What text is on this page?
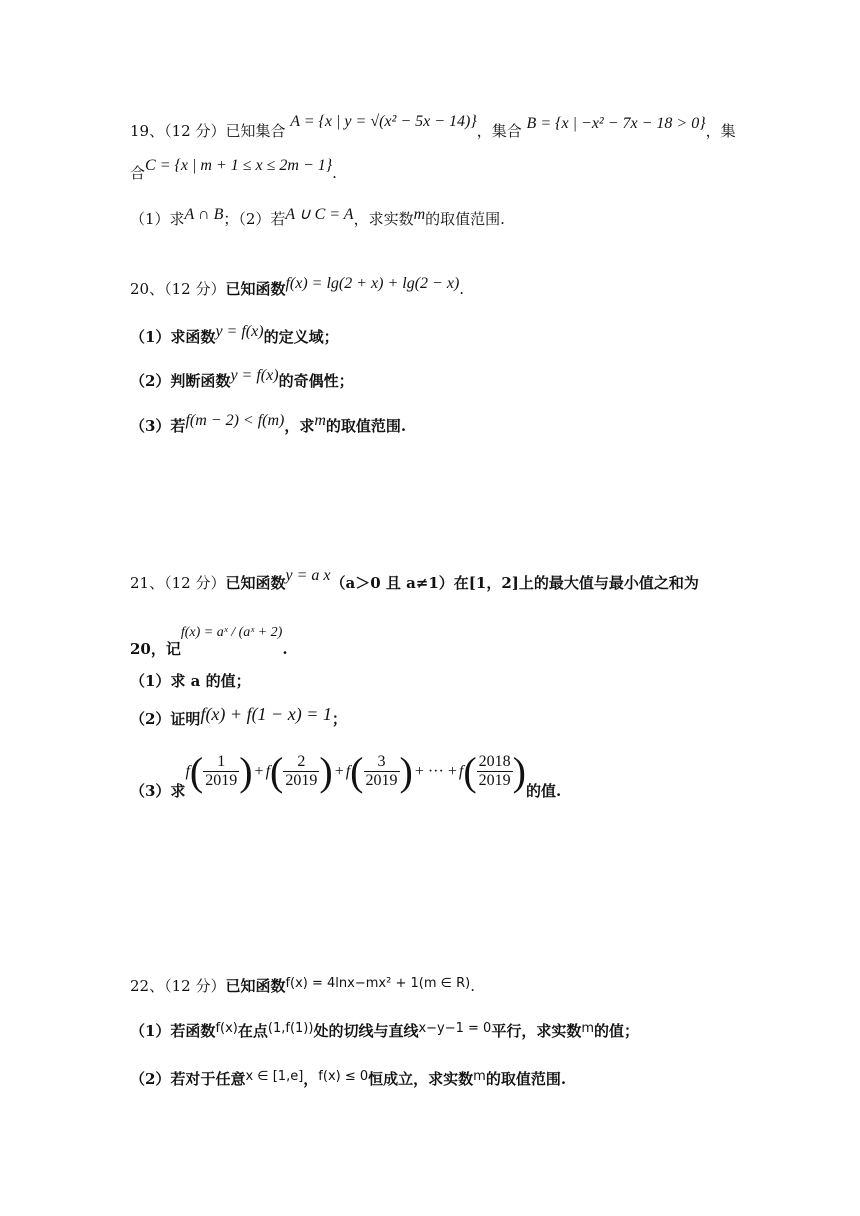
19、（12 分）已知集合 A = {x | y = √(x² − 5x − 14)}，集合 B = {x | −x² − 7x − 18 > 0}，集
合C = {x | m + 1 ≤ x ≤ 2m − 1}.
（1）求A ∩ B；（2）若A ∪ C = A，求实数m的取值范围.
20、（12 分）已知函数f(x) = lg(2 + x) + lg(2 − x).
（1）求函数y = f(x)的定义域；
（2）判断函数y = f(x)的奇偶性；
（3）若f(m − 2) < f(m)，求m的取值范围.
21、（12 分）已知函数y = a x（a＞0 且 a≠1）在[1，2]上的最大值与最小值之和为
20，记f(x) = aˣ / (aˣ + 2).
（1）求 a 的值；
（2）证明f(x) + f(1 − x) = 1；
（3）求
f ( $\frac{1}{2019}$ ) + f ( $\frac{2}{2019}$ ) + f ( $\frac{3}{2019}$ ) + ··· + f ( $\frac{2018}{2019}$ ) 的值.
22、（12 分）已知函数f(x) = 4lnx−mx² + 1(m ∈ R).
（1）若函数f(x)在点(1,f(1))处的切线与直线x−y−1 = 0平行，求实数m的值；
（2）若对于任意x ∈ [1,e]，f(x) ≤ 0恒成立，求实数m的取值范围.
